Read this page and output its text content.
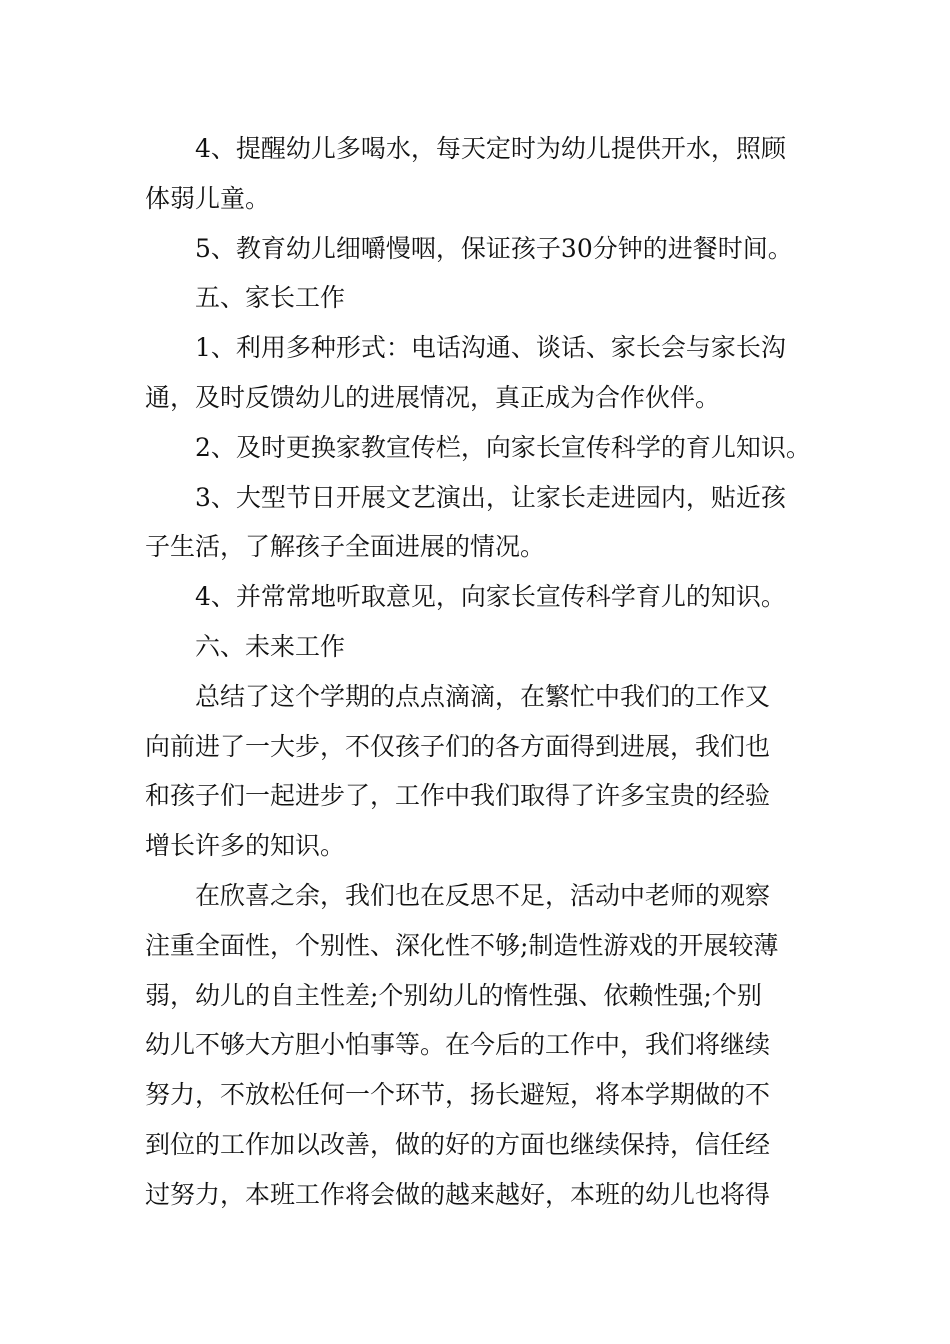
4、提醒幼儿多喝水，每天定时为幼儿提供开水，照顾
体弱儿童。
5、教育幼儿细嚼慢咽，保证孩子30分钟的进餐时间。
五、家长工作
1、利用多种形式：电话沟通、谈话、家长会与家长沟
通，及时反馈幼儿的进展情况，真正成为合作伙伴。
2、及时更换家教宣传栏，向家长宣传科学的育儿知识。
3、大型节日开展文艺演出，让家长走进园内，贴近孩
子生活，了解孩子全面进展的情况。
4、并常常地听取意见，向家长宣传科学育儿的知识。
六、未来工作
总结了这个学期的点点滴滴，在繁忙中我们的工作又
向前进了一大步，不仅孩子们的各方面得到进展，我们也
和孩子们一起进步了，工作中我们取得了许多宝贵的经验
增长许多的知识。
在欣喜之余，我们也在反思不足，活动中老师的观察
注重全面性，个别性、深化性不够;制造性游戏的开展较薄
弱，幼儿的自主性差;个别幼儿的惰性强、依赖性强;个别
幼儿不够大方胆小怕事等。在今后的工作中，我们将继续
努力，不放松任何一个环节，扬长避短，将本学期做的不
到位的工作加以改善，做的好的方面也继续保持，信任经
过努力，本班工作将会做的越来越好，本班的幼儿也将得
